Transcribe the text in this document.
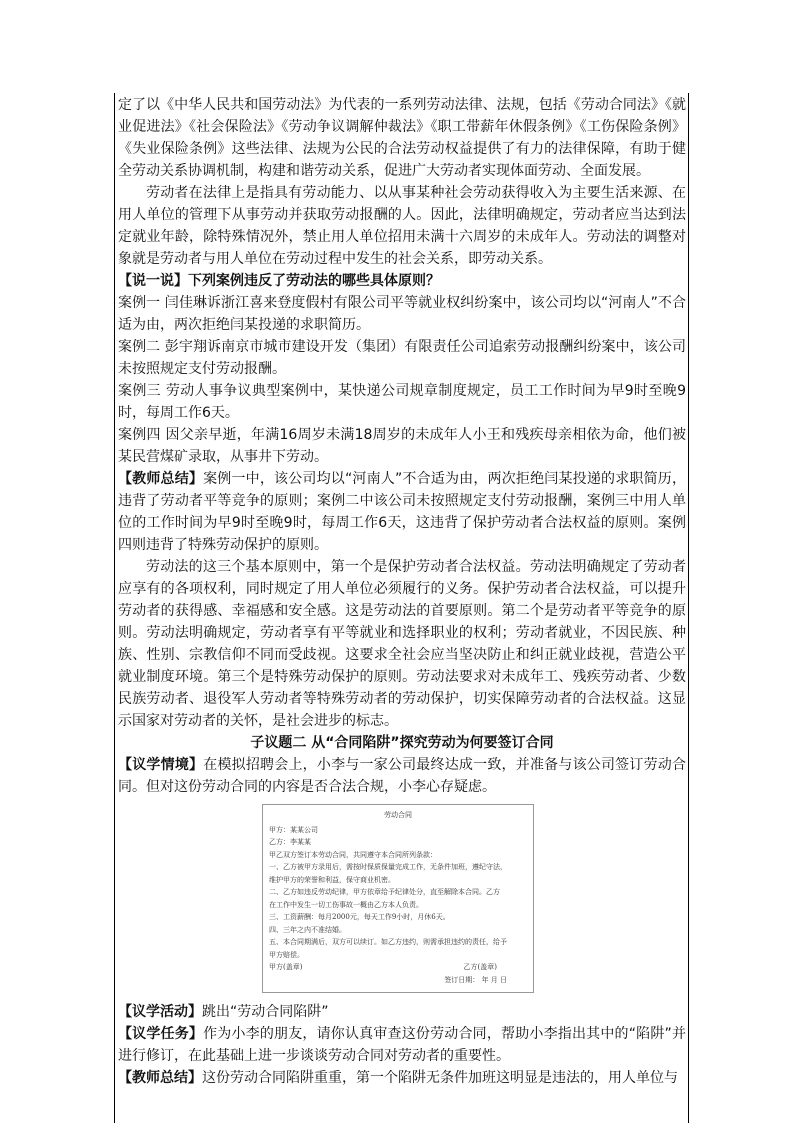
定了以《中华人民共和国劳动法》为代表的一系列劳动法律、法规，包括《劳动合同法》《就业促进法》《社会保险法》《劳动争议调解仲裁法》《职工带薪年休假条例》《工伤保险条例》《失业保险条例》这些法律、法规为公民的合法劳动权益提供了有力的法律保障，有助于健全劳动关系协调机制，构建和谐劳动关系，促进广大劳动者实现体面劳动、全面发展。

劳动者在法律上是指具有劳动能力、以从事某种社会劳动获得收入为主要生活来源、在用人单位的管理下从事劳动并获取劳动报酬的人。因此，法律明确规定，劳动者应当达到法定就业年龄，除特殊情况外，禁止用人单位招用未满十六周岁的未成年人。劳动法的调整对象就是劳动者与用人单位在劳动过程中发生的社会关系，即劳动关系。

【说一说】下列案例违反了劳动法的哪些具体原则？

案例一 闫佳琳诉浙江喜来登度假村有限公司平等就业权纠纷案中，该公司均以“河南人”不合适为由，两次拒绝闫某投递的求职简历。

案例二 彭宇翔诉南京市城市建设开发（集团）有限责任公司追索劳动报酬纠纷案中，该公司未按照规定支付劳动报酬。

案例三 劳动人事争议典型案例中，某快递公司规章制度规定，员工工作时间为早9时至晚9时，每周工作6天。

案例四 因父亲早逝，年满16周岁未满18周岁的未成年人小王和残疾母亲相依为命，他们被某民营煤矿录取，从事井下劳动。

【教师总结】案例一中，该公司均以“河南人”不合适为由，两次拒绝闫某投递的求职简历，违背了劳动者平等竞争的原则；案例二中该公司未按照规定支付劳动报酬，案例三中用人单位的工作时间为早9时至晚9时，每周工作6天，这违背了保护劳动者合法权益的原则。案例四则违背了特殊劳动保护的原则。

劳动法的这三个基本原则中，第一个是保护劳动者合法权益。劳动法明确规定了劳动者应享有的各项权利，同时规定了用人单位必须履行的义务。保护劳动者合法权益，可以提升劳动者的获得感、幸福感和安全感。这是劳动法的首要原则。第二个是劳动者平等竞争的原则。劳动法明确规定，劳动者享有平等就业和选择职业的权利；劳动者就业，不因民族、种族、性别、宗教信仰不同而受歧视。这要求全社会应当坚决防止和纠正就业歧视，营造公平就业制度环境。第三个是特殊劳动保护的原则。劳动法要求对未成年工、残疾劳动者、少数民族劳动者、退役军人劳动者等特殊劳动者的劳动保护，切实保障劳动者的合法权益。这显示国家对劳动者的关怀，是社会进步的标志。

子议题二 从“合同陷阱”探究劳动为何要签订合同

【议学情境】在模拟招聘会上，小李与一家公司最终达成一致，并准备与该公司签订劳动合同。但对这份劳动合同的内容是否合法合规，小李心存疑虑。

劳动合同
甲方：某某公司
乙方：李某某
甲乙双方签订本劳动合同，共同遵守本合同所列条款：
一、乙方被甲方录用后，需按时保质保量完成工作，无条件加班，遵纪守法，
维护甲方的荣誉和利益，保守商业机密。
二、乙方如违反劳动纪律，甲方依章给予纪律处分，直至解除本合同。乙方
在工作中发生一切工伤事故一概由乙方本人负责。
三、工资薪酬：每月2000元，每天工作9小时，月休6天。
四、三年之内不准结婚。
五、本合同期满后，双方可以续订。如乙方违约，则需承担违约的责任，给予
甲方赔偿。
甲方(盖章)	乙方(盖章)
签订日期： 年 月 日

【议学活动】跳出“劳动合同陷阱”

【议学任务】作为小李的朋友，请你认真审查这份劳动合同，帮助小李指出其中的“陷阱”并进行修订，在此基础上进一步谈谈劳动合同对劳动者的重要性。

【教师总结】这份劳动合同陷阱重重，第一个陷阱无条件加班这明显是违法的，用人单位与
